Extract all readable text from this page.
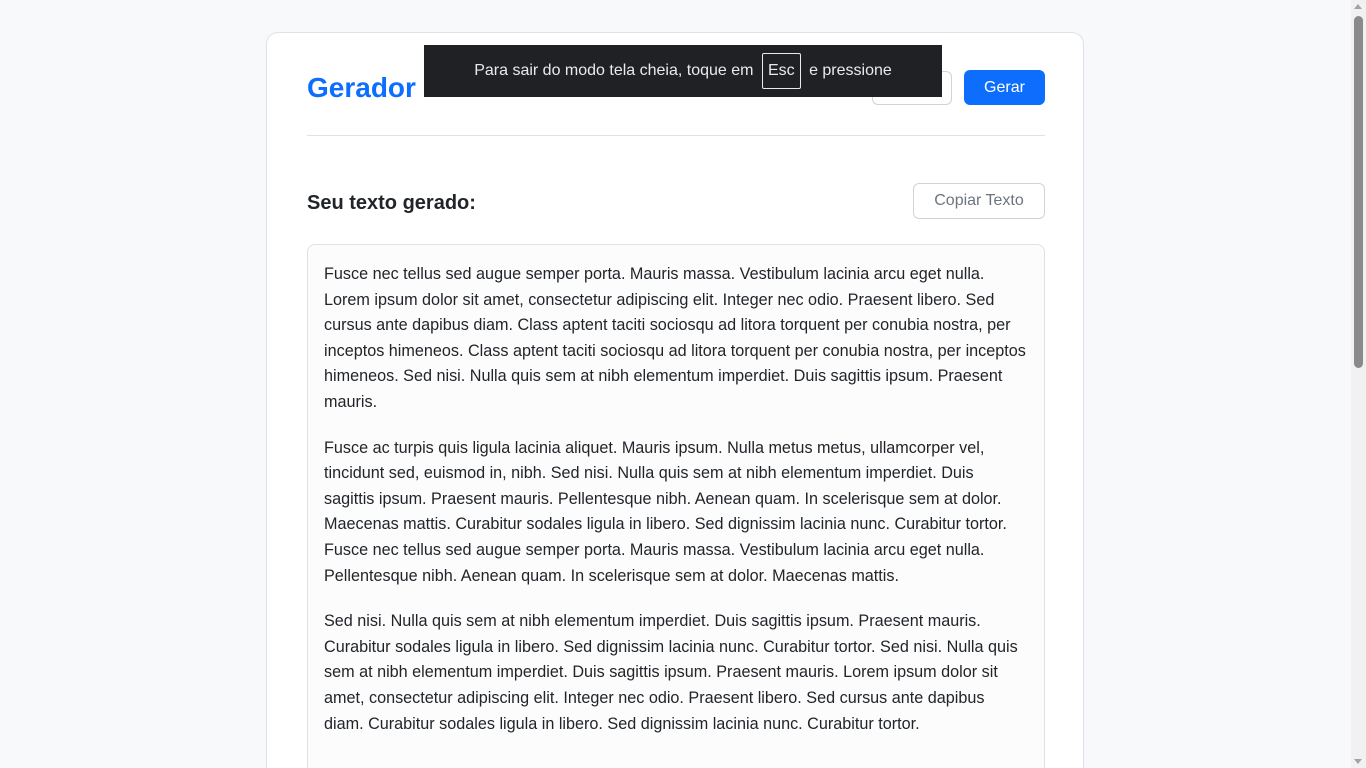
Gerador	Gerar
Seu texto gerado:	Copiar Texto

Fusce nec tellus sed augue semper porta. Mauris massa. Vestibulum lacinia arcu eget nulla. Lorem ipsum dolor sit amet, consectetur adipiscing elit. Integer nec odio. Praesent libero. Sed cursus ante dapibus diam. Class aptent taciti sociosqu ad litora torquent per conubia nostra, per inceptos himeneos. Class aptent taciti sociosqu ad litora torquent per conubia nostra, per inceptos himeneos. Sed nisi. Nulla quis sem at nibh elementum imperdiet. Duis sagittis ipsum. Praesent mauris.

Fusce ac turpis quis ligula lacinia aliquet. Mauris ipsum. Nulla metus metus, ullamcorper vel, tincidunt sed, euismod in, nibh. Sed nisi. Nulla quis sem at nibh elementum imperdiet. Duis sagittis ipsum. Praesent mauris. Pellentesque nibh. Aenean quam. In scelerisque sem at dolor. Maecenas mattis. Curabitur sodales ligula in libero. Sed dignissim lacinia nunc. Curabitur tortor. Fusce nec tellus sed augue semper porta. Mauris massa. Vestibulum lacinia arcu eget nulla. Pellentesque nibh. Aenean quam. In scelerisque sem at dolor. Maecenas mattis.

Sed nisi. Nulla quis sem at nibh elementum imperdiet. Duis sagittis ipsum. Praesent mauris. Curabitur sodales ligula in libero. Sed dignissim lacinia nunc. Curabitur tortor. Sed nisi. Nulla quis sem at nibh elementum imperdiet. Duis sagittis ipsum. Praesent mauris. Lorem ipsum dolor sit amet, consectetur adipiscing elit. Integer nec odio. Praesent libero. Sed cursus ante dapibus diam. Curabitur sodales ligula in libero. Sed dignissim lacinia nunc. Curabitur tortor.

Para sair do modo tela cheia, toque em Esc e pressione
